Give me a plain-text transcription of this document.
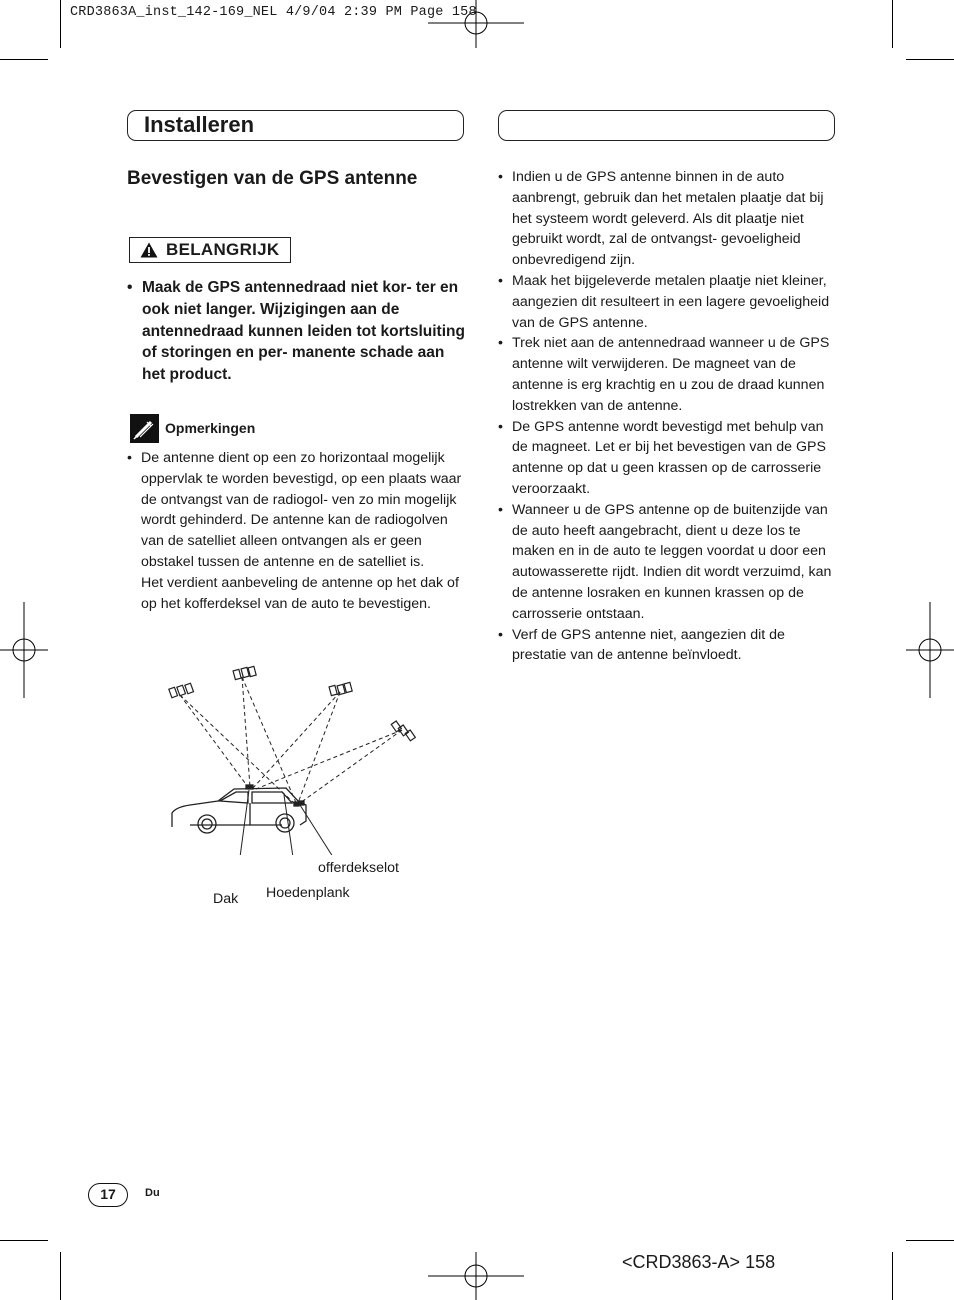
CRD3863A_inst_142-169_NEL 4/9/04 2:39 PM Page 158
Installeren
Bevestigen van de GPS antenne
BELANGRIJK
• Maak de GPS antennedraad niet kor- ter en ook niet langer. Wijzigingen aan de antennedraad kunnen leiden tot kortsluiting of storingen en per- manente schade aan het product.
Opmerkingen
• De antenne dient op een zo horizontaal mogelijk oppervlak te worden bevestigd, op een plaats waar de ontvangst van de radiogol- ven zo min mogelijk wordt gehinderd. De antenne kan de radiogolven van de satelliet alleen ontvangen als er geen obstakel tussen de antenne en de satelliet is.
Het verdient aanbeveling de antenne op het dak of op het kofferdeksel van de auto te bevestigen.
offerdekselot
Hoedenplank
Dak
• Indien u de GPS antenne binnen in de auto aanbrengt, gebruik dan het metalen plaatje dat bij het systeem wordt geleverd. Als dit plaatje niet gebruikt wordt, zal de ontvangst- gevoeligheid onbevredigend zijn.
• Maak het bijgeleverde metalen plaatje niet kleiner, aangezien dit resulteert in een lagere gevoeligheid van de GPS antenne.
• Trek niet aan de antennedraad wanneer u de GPS antenne wilt verwijderen. De magneet van de antenne is erg krachtig en u zou de draad kunnen lostrekken van de antenne.
• De GPS antenne wordt bevestigd met behulp van de magneet. Let er bij het bevestigen van de GPS antenne op dat u geen krassen op de carrosserie veroorzaakt.
• Wanneer u de GPS antenne op de buitenzijde van de auto heeft aangebracht, dient u deze los te maken en in de auto te leggen voordat u door een autowasserette rijdt. Indien dit wordt verzuimd, kan de antenne losraken en kunnen krassen op de carrosserie ontstaan.
• Verf de GPS antenne niet, aangezien dit de prestatie van de antenne beïnvloedt.
17	Du
<CRD3863-A> 158
